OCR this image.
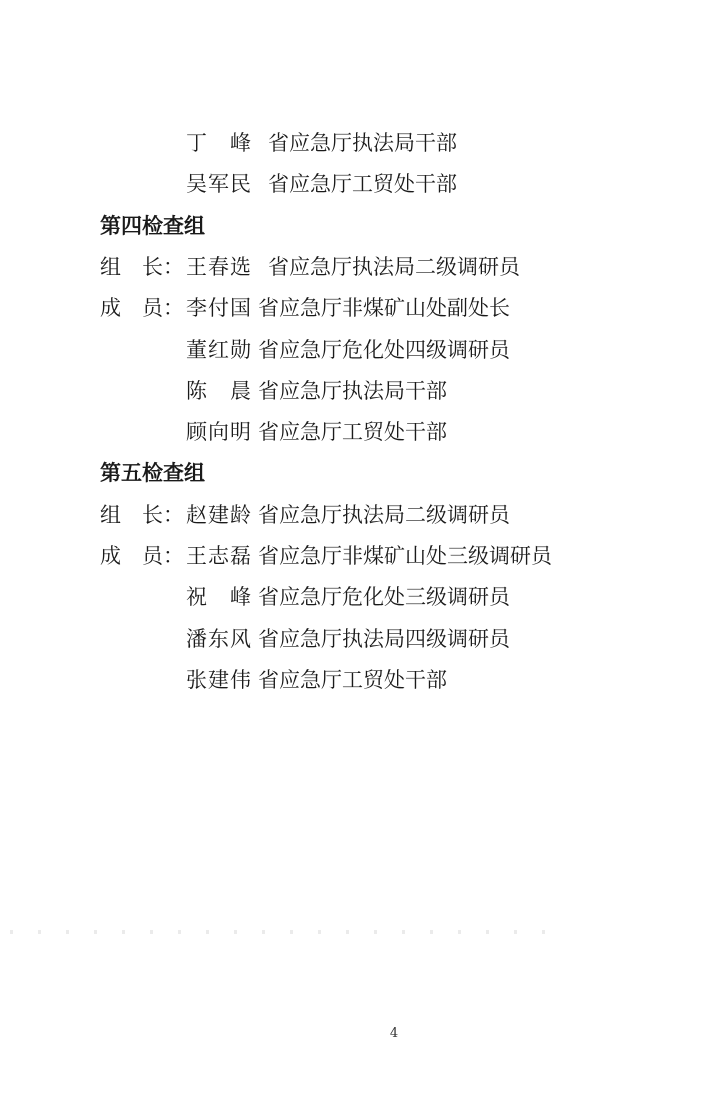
丁　峰 省应急厅执法局干部
吴军民 省应急厅工贸处干部
第四检查组
组　长： 王春选 省应急厅执法局二级调研员
成　员： 李付国 省应急厅非煤矿山处副处长
董红勋 省应急厅危化处四级调研员
陈　晨 省应急厅执法局干部
顾向明 省应急厅工贸处干部
第五检查组
组　长： 赵建龄 省应急厅执法局二级调研员
成　员： 王志磊 省应急厅非煤矿山处三级调研员
祝　峰 省应急厅危化处三级调研员
潘东风 省应急厅执法局四级调研员
张建伟 省应急厅工贸处干部
4
